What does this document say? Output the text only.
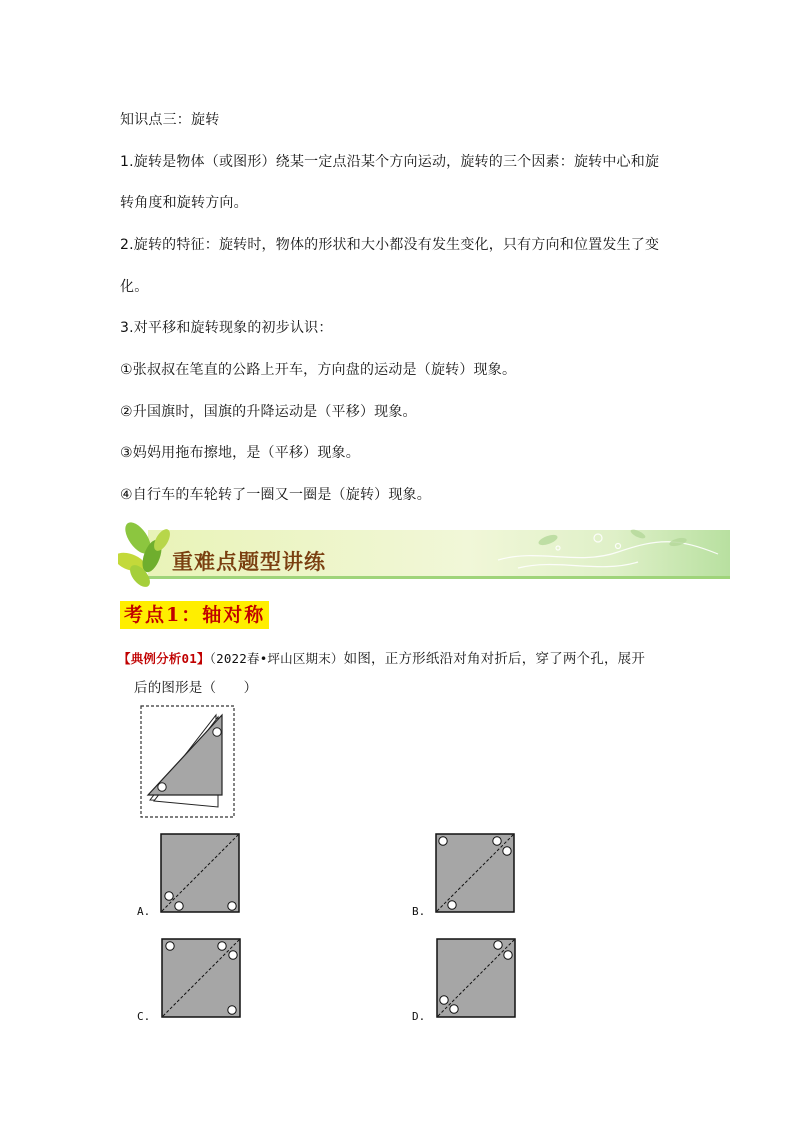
知识点三：旋转
1.旋转是物体（或图形）绕某一定点沿某个方向运动，旋转的三个因素：旋转中心和旋
转角度和旋转方向。
2.旋转的特征：旋转时，物体的形状和大小都没有发生变化，只有方向和位置发生了变
化。
3.对平移和旋转现象的初步认识：
①张叔叔在笔直的公路上开车，方向盘的运动是（旋转）现象。
②升国旗时，国旗的升降运动是（平移）现象。
③妈妈用拖布擦地，是（平移）现象。
④自行车的车轮转了一圈又一圈是（旋转）现象。
重难点题型讲练
考点1：轴对称
【典例分析01】（2022春•坪山区期末）如图，正方形纸沿对角对折后，穿了两个孔，展开
后的图形是（　　）
A.	B.
C.	D.
